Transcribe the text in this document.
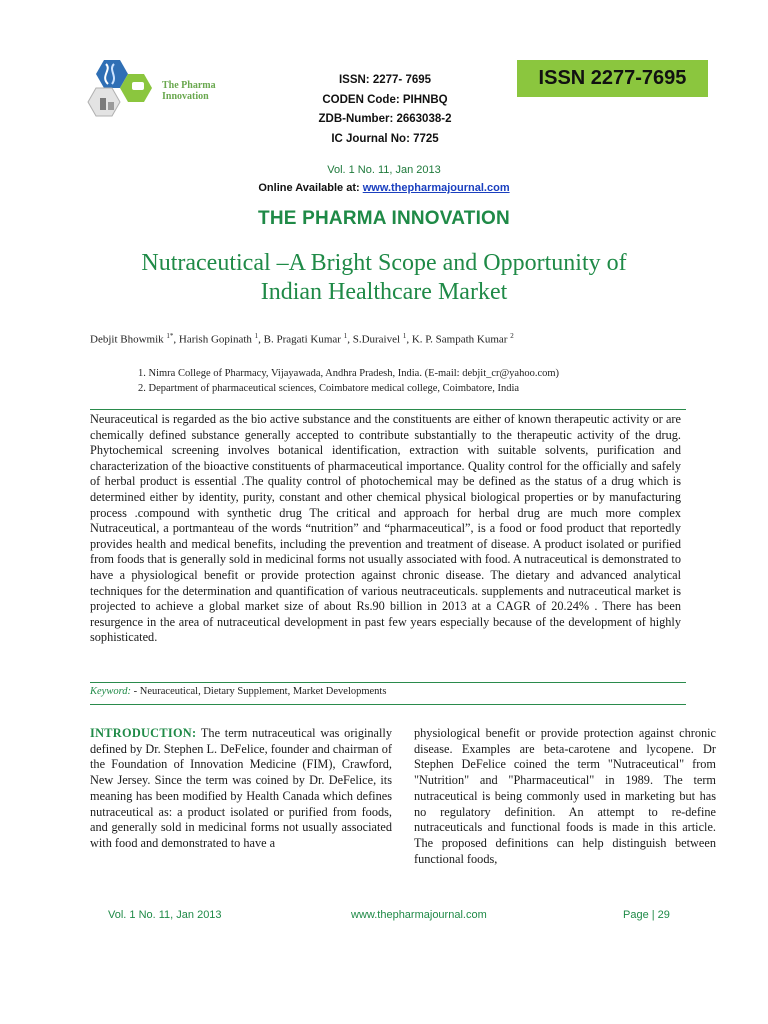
The Pharma
Innovation
ISSN: 2277- 7695
CODEN Code: PIHNBQ
ZDB-Number: 2663038-2
IC Journal No: 7725
ISSN 2277-7695
Vol. 1 No. 11, Jan 2013
Online Available at: www.thepharmajournal.com
THE PHARMA INNOVATION
Nutraceutical –A Bright Scope and Opportunity of
Indian Healthcare Market
Debjit Bhowmik $^{1*}$, Harish Gopinath $^1$, B. Pragati Kumar $^1$, S.Duraivel $^1$, K. P. Sampath Kumar $^2$
1. Nimra College of Pharmacy, Vijayawada, Andhra Pradesh, India. (E-mail: debjit_cr@yahoo.com)
2. Department of pharmaceutical sciences, Coimbatore medical college, Coimbatore, India
Neuraceutical is regarded as the bio active substance and the constituents are either of known therapeutic activity or are chemically defined substance generally accepted to contribute substantially to the therapeutic activity of the drug. Phytochemical screening involves botanical identification, extraction with suitable solvents, purification and characterization of the bioactive constituents of pharmaceutical importance. Quality control for the officially and safely of herbal product is essential .The quality control of photochemical may be defined as the status of a drug which is determined either by identity, purity, constant and other chemical physical biological properties or by manufacturing process .compound with synthetic drug The critical and approach for herbal drug are much more complex Nutraceutical, a portmanteau of the words “nutrition” and “pharmaceutical”, is a food or food product that reportedly provides health and medical benefits, including the prevention and treatment of disease. A product isolated or purified from foods that is generally sold in medicinal forms not usually associated with food. A nutraceutical is demonstrated to have a physiological benefit or provide protection against chronic disease. The dietary and advanced analytical techniques for the determination and quantification of various neutraceuticals. supplements and nutraceutical market is projected to achieve a global market size of about Rs.90 billion in 2013 at a CAGR of 20.24% . There has been resurgence in the area of nutraceutical development in past few years especially because of the development of highly sophisticated.
Keyword: - Neuraceutical, Dietary Supplement, Market Developments
INTRODUCTION: The term nutraceutical was originally defined by Dr. Stephen L. DeFelice, founder and chairman of the Foundation of Innovation Medicine (FIM), Crawford, New Jersey. Since the term was coined by Dr. DeFelice, its meaning has been modified by Health Canada which defines nutraceutical as: a product isolated or purified from foods, and generally sold in medicinal forms not usually associated with food and demonstrated to have a
physiological benefit or provide protection against chronic disease. Examples are beta-carotene and lycopene. Dr Stephen DeFelice coined the term "Nutraceutical" from "Nutrition" and "Pharmaceutical" in 1989. The term nutraceutical is being commonly used in marketing but has no regulatory definition. An attempt to re-define nutraceuticals and functional foods is made in this article. The proposed definitions can help distinguish between functional foods,
Vol. 1 No. 11, Jan 2013	www.thepharmajournal.com	Page | 29
